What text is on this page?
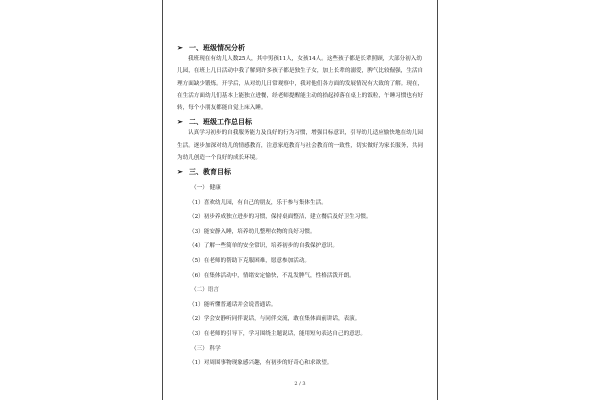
➢ 一、班级情况分析

我班现在有幼儿人数25人，其中男孩11人，女孩14人。这些孩子都是长辈照顾，大部分初入幼儿园，在班上几日活动中我了解到许多孩子都是独生子女，加上长辈的溺爱，脾气比较倔强，生活自理方面缺少锻炼。开学后，从对幼儿日常观察中，我对他们各方面的发展情况有大致的了解。现在，在生活方面幼儿们基本上能独立进餐，经老师提醒能主动的拾起掉落在桌上的饭粒，午睡习惯也有好转，每个小朋友都能自觉上床入睡。

➢ 二、班级工作总目标

认真学习初步的自我服务能力及良好的行为习惯，增强目标意识，引导幼儿适应愉快地在幼儿园生活。逐步加深对幼儿的情感教育，注意家庭教育与社会教育的一致性，切实做好为家长服务，共同为幼儿创造一个良好的成长环境。

➢ 三、教育目标
（一） 健康
（1）喜欢幼儿园，有自己的朋友，乐于参与集体生活。
（2）初步养成独立进步的习惯，保持桌面整洁，建立餐后及好卫生习惯。
（3）能安静入睡，培养幼儿整理衣物的良好习惯。
（4）了解一些简单的安全常识，培养初步的自我保护意识。
（5）在老师的帮助下克服困难，愿意参加活动。
（6）在集体活动中，情绪安定愉快，不乱发脾气，性格活泼开朗。
（二）语言
（1）能听懂普通话并会说普通话。
（2）学会安静听同伴说话，与同伴交流，敢在集体面前讲话，表演。
（3）在老师的引导下，学习围绕主题说话，能用短句表达自己的意思。
（三） 科学
（1）对周围事物现象感兴趣，有初步的好奇心和求欲望。
2 / 3
